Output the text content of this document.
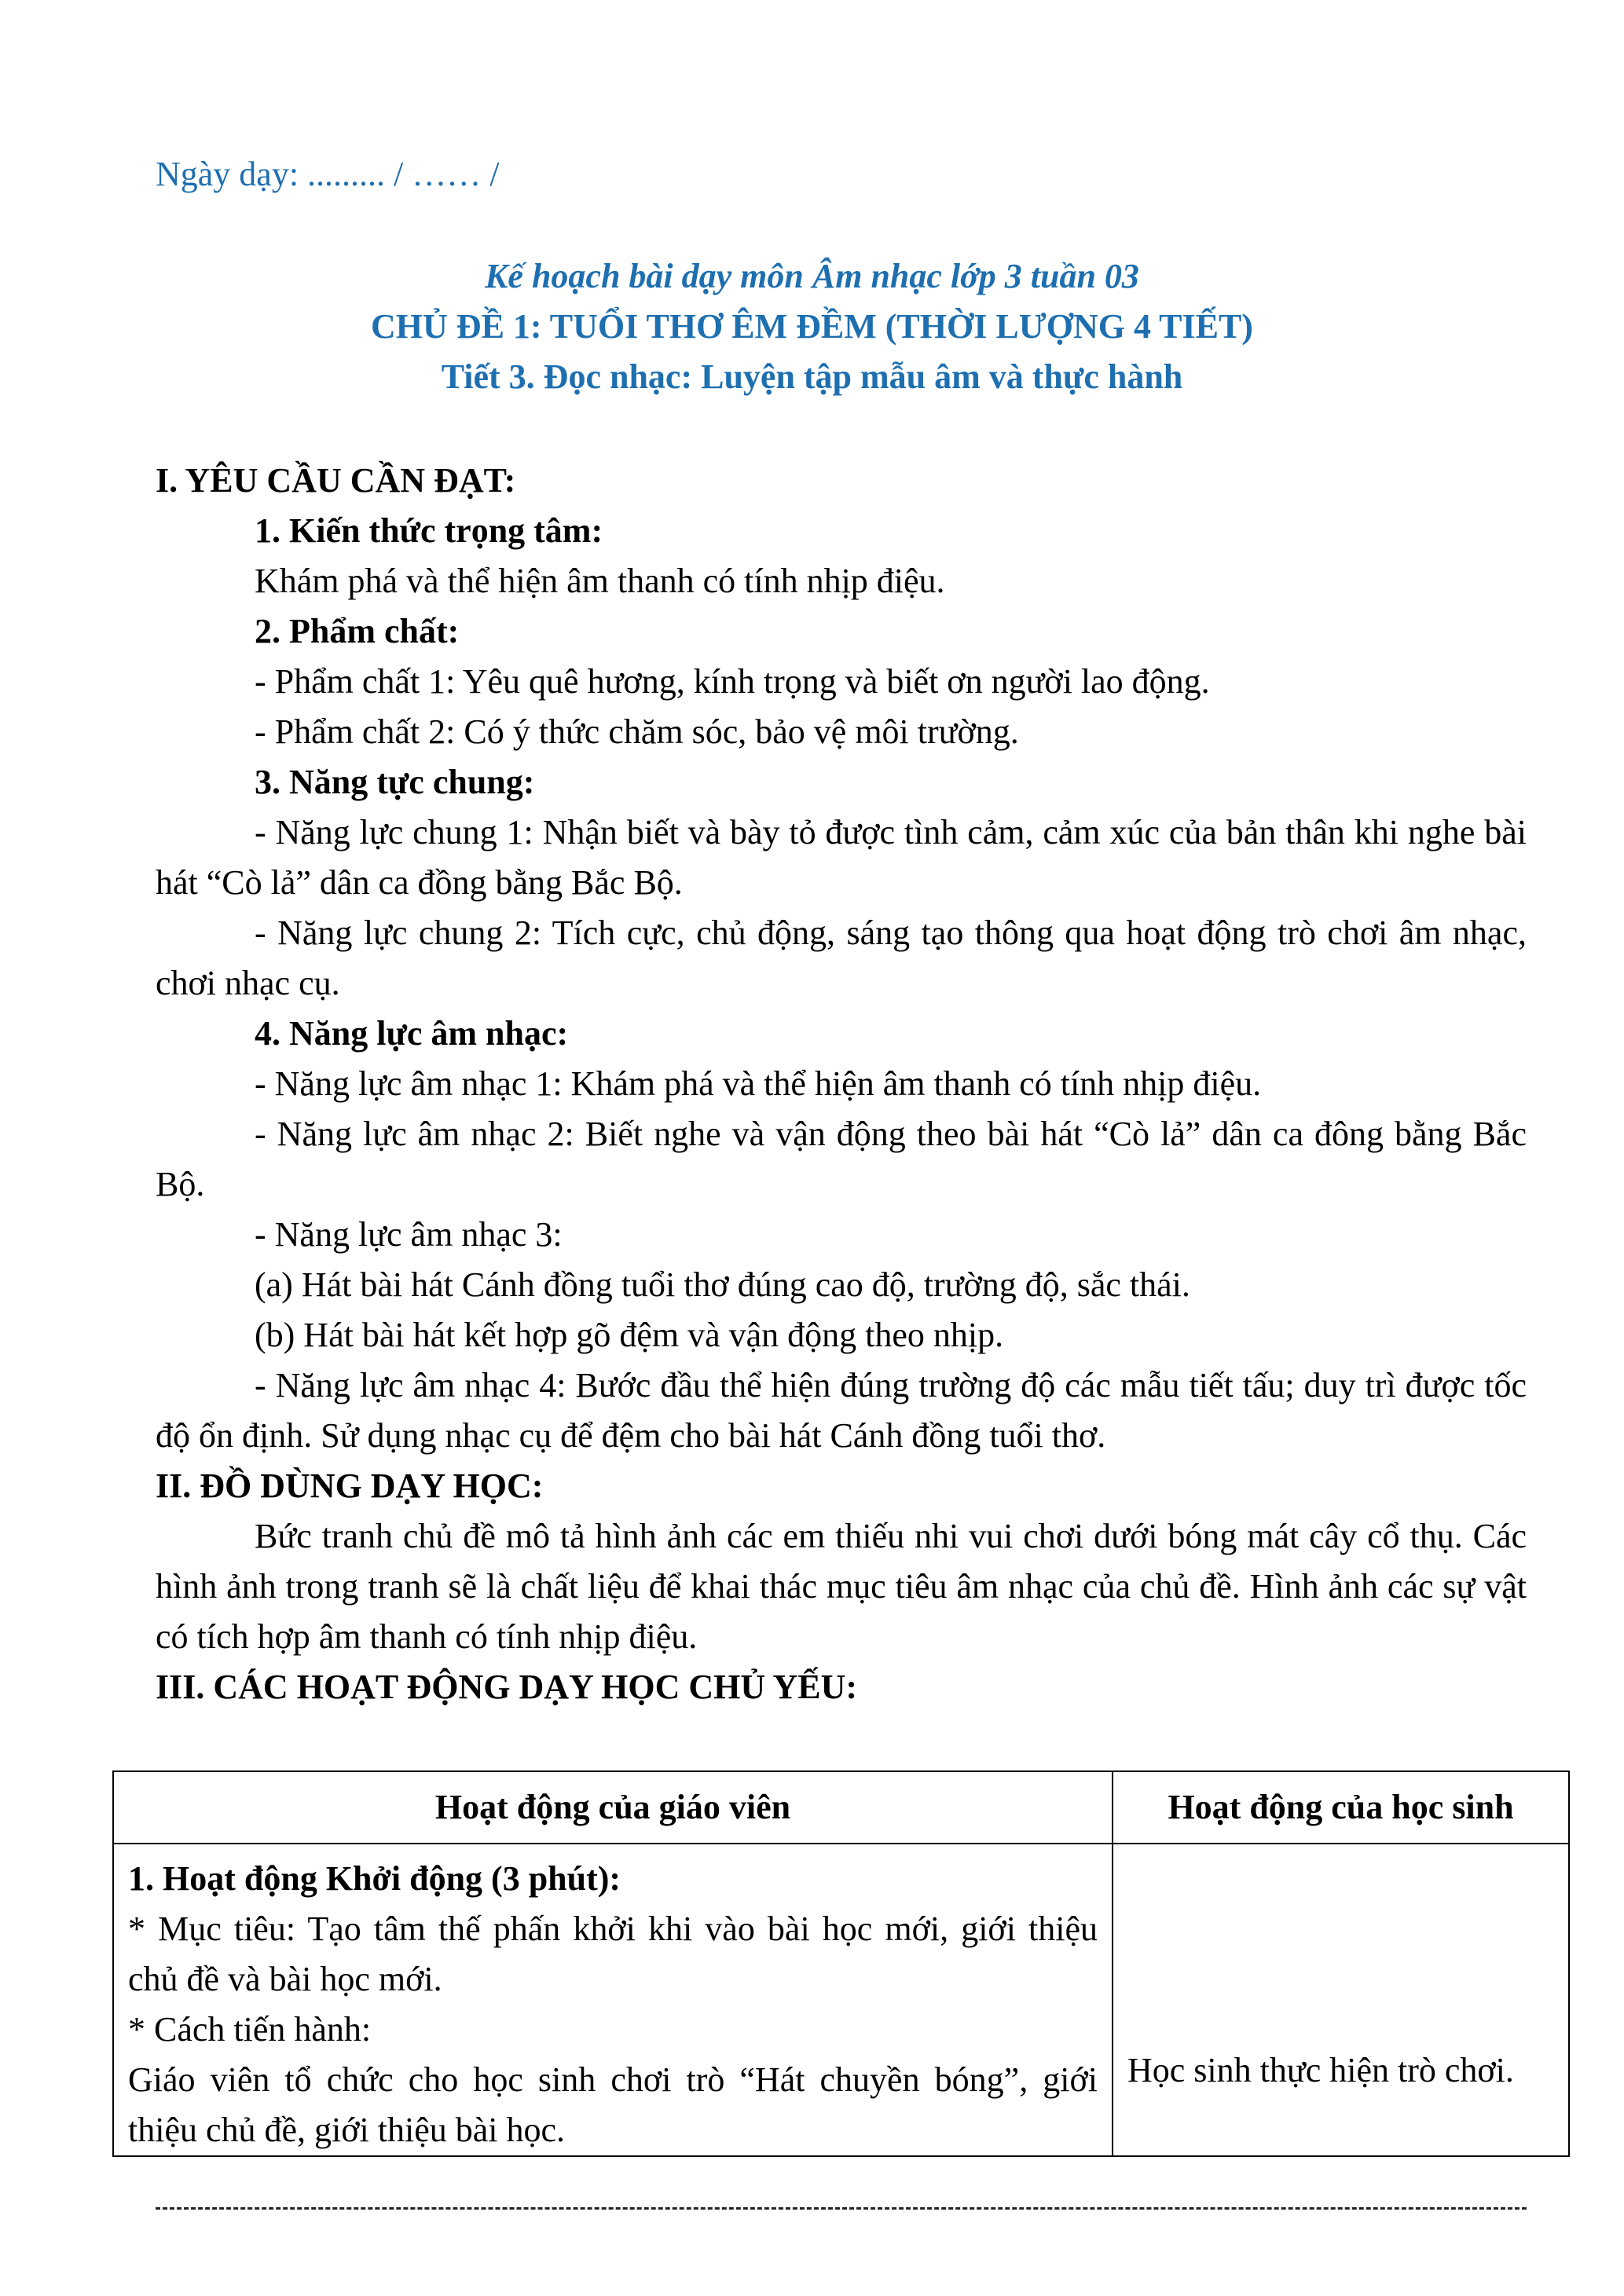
Ngày dạy: ......... / …… /
Kế hoạch bài dạy môn Âm nhạc lớp 3 tuần 03
CHỦ ĐỀ 1: TUỔI THƠ ÊM ĐỀM (THỜI LƯỢNG 4 TIẾT)
Tiết 3. Đọc nhạc: Luyện tập mẫu âm và thực hành

I. YÊU CẦU CẦN ĐẠT:

1. Kiến thức trọng tâm:

Khám phá và thể hiện âm thanh có tính nhịp điệu.

2. Phẩm chất:

- Phẩm chất 1: Yêu quê hương, kính trọng và biết ơn người lao động.

- Phẩm chất 2: Có ý thức chăm sóc, bảo vệ môi trường.

3. Năng tực chung:

- Năng lực chung 1: Nhận biết và bày tỏ được tình cảm, cảm xúc của bản thân khi nghe bài hát “Cò lả” dân ca đồng bằng Bắc Bộ.

- Năng lực chung 2: Tích cực, chủ động, sáng tạo thông qua hoạt động trò chơi âm nhạc, chơi nhạc cụ.

4. Năng lực âm nhạc:

- Năng lực âm nhạc 1: Khám phá và thể hiện âm thanh có tính nhịp điệu.

- Năng lực âm nhạc 2: Biết nghe và vận động theo bài hát “Cò lả” dân ca đông bằng Bắc Bộ.

- Năng lực âm nhạc 3:

(a) Hát bài hát Cánh đồng tuổi thơ đúng cao độ, trường độ, sắc thái.

(b) Hát bài hát kết hợp gõ đệm và vận động theo nhịp.

- Năng lực âm nhạc 4: Bước đầu thể hiện đúng trường độ các mẫu tiết tấu; duy trì được tốc độ ổn định. Sử dụng nhạc cụ để đệm cho bài hát Cánh đồng tuổi thơ.

II. ĐỒ DÙNG DẠY HỌC:

Bức tranh chủ đề mô tả hình ảnh các em thiếu nhi vui chơi dưới bóng mát cây cổ thụ. Các hình ảnh trong tranh sẽ là chất liệu để khai thác mục tiêu âm nhạc của chủ đề. Hình ảnh các sự vật có tích hợp âm thanh có tính nhịp điệu.

III. CÁC HOẠT ĐỘNG DẠY HỌC CHỦ YẾU:

Hoạt động của giáo viên	Hoạt động của học sinh

1. Hoạt động Khởi động (3 phút):
* Mục tiêu: Tạo tâm thế phấn khởi khi vào bài học mới, giới thiệu chủ đề và bài học mới.
* Cách tiến hành:
Giáo viên tổ chức cho học sinh chơi trò “Hát chuyền bóng”, giới thiệu chủ đề, giới thiệu bài học.	Học sinh thực hiện trò chơi.
